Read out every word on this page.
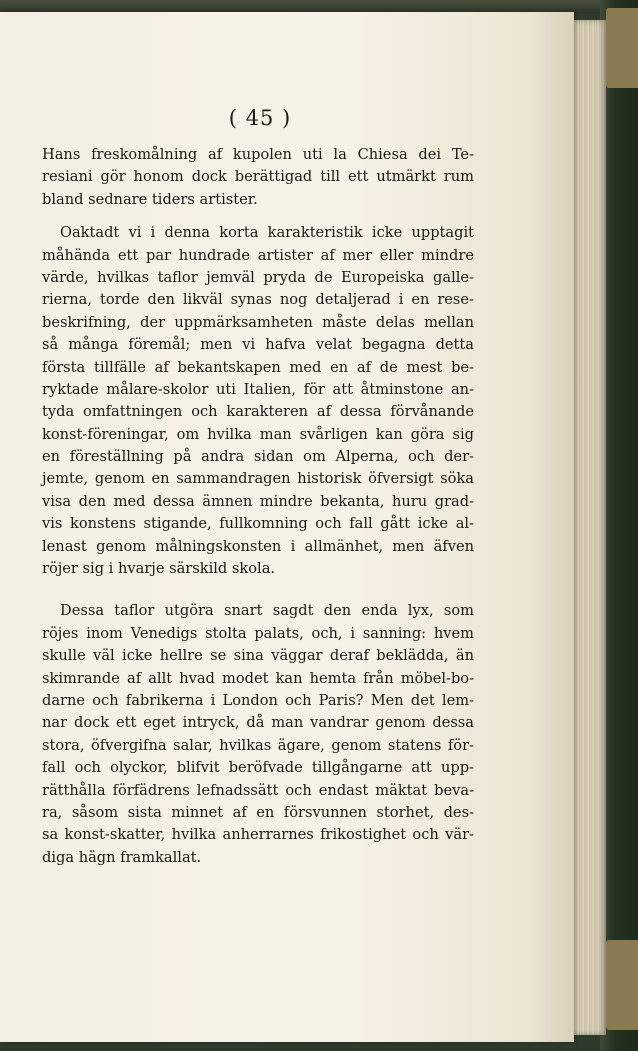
( 45 )
Hans freskomålning af kupolen uti la Chiesa dei Te-
resiani gör honom dock berättigad till ett utmärkt rum
bland sednare tiders artister.
Oaktadt vi i denna korta karakteristik icke upptagit
måhända ett par hundrade artister af mer eller mindre
värde, hvilkas taflor jemväl pryda de Europeiska galle-
rierna, torde den likväl synas nog detaljerad i en rese-
beskrifning, der uppmärksamheten måste delas mellan
så många föremål; men vi hafva velat begagna detta
första tillfälle af bekantskapen med en af de mest be-
ryktade målare-skolor uti Italien, för att åtminstone an-
tyda omfattningen och karakteren af dessa förvånande
konst-föreningar, om hvilka man svårligen kan göra sig
en föreställning på andra sidan om Alperna, och der-
jemte, genom en sammandragen historisk öfversigt söka
visa den med dessa ämnen mindre bekanta, huru grad-
vis konstens stigande, fullkomning och fall gått icke al-
lenast genom målningskonsten i allmänhet, men äfven
röjer sig i hvarje särskild skola.
Dessa taflor utgöra snart sagdt den enda lyx, som
röjes inom Venedigs stolta palats, och, i sanning: hvem
skulle väl icke hellre se sina väggar deraf beklädda, än
skimrande af allt hvad modet kan hemta från möbel-bo-
darne och fabrikerna i London och Paris? Men det lem-
nar dock ett eget intryck, då man vandrar genom dessa
stora, öfvergifna salar, hvilkas ägare, genom statens för-
fall och olyckor, blifvit beröfvade tillgångarne att upp-
rätthålla förfädrens lefnadssätt och endast mäktat beva-
ra, såsom sista minnet af en försvunnen storhet, des-
sa konst-skatter, hvilka anherrarnes frikostighet och vär-
diga hägn framkallat.
